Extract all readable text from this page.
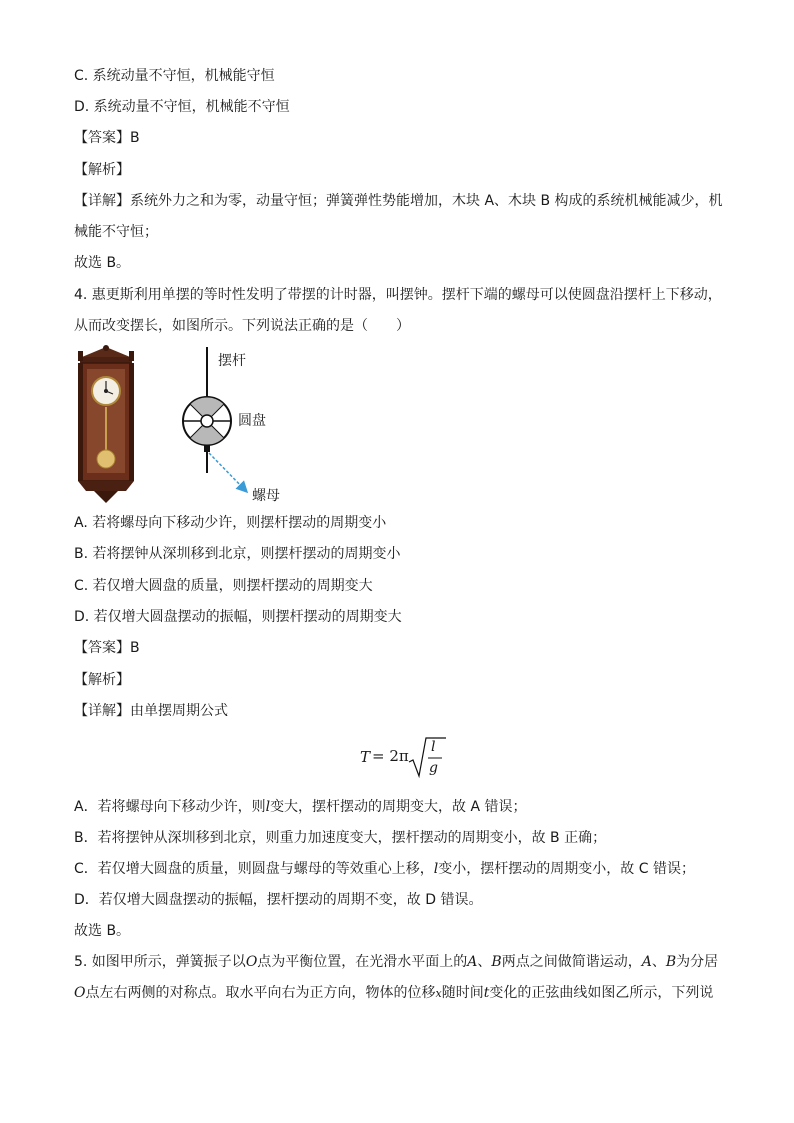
C. 系统动量不守恒，机械能守恒
D. 系统动量不守恒，机械能不守恒
【答案】B
【解析】
【详解】系统外力之和为零，动量守恒；弹簧弹性势能增加，木块 A、木块 B 构成的系统机械能减少，机
械能不守恒；
故选 B。
4. 惠更斯利用单摆的等时性发明了带摆的计时器，叫摆钟。摆杆下端的螺母可以使圆盘沿摆杆上下移动，
从而改变摆长，如图所示。下列说法正确的是（　　）
摆杆
圆盘
螺母
A. 若将螺母向下移动少许，则摆杆摆动的周期变小
B. 若将摆钟从深圳移到北京，则摆杆摆动的周期变小
C. 若仅增大圆盘的质量，则摆杆摆动的周期变大
D. 若仅增大圆盘摆动的振幅，则摆杆摆动的周期变大
【答案】B
【解析】
【详解】由单摆周期公式
T = 2π l
g
A．若将螺母向下移动少许，则l变大，摆杆摆动的周期变大，故 A 错误；
B．若将摆钟从深圳移到北京，则重力加速度变大，摆杆摆动的周期变小，故 B 正确；
C．若仅增大圆盘的质量，则圆盘与螺母的等效重心上移，l变小，摆杆摆动的周期变小，故 C 错误；
D．若仅增大圆盘摆动的振幅，摆杆摆动的周期不变，故 D 错误。
故选 B。
5. 如图甲所示，弹簧振子以O点为平衡位置，在光滑水平面上的A、B两点之间做简谐运动，A、B为分居
O点左右两侧的对称点。取水平向右为正方向，物体的位移x随时间t变化的正弦曲线如图乙所示，下列说
